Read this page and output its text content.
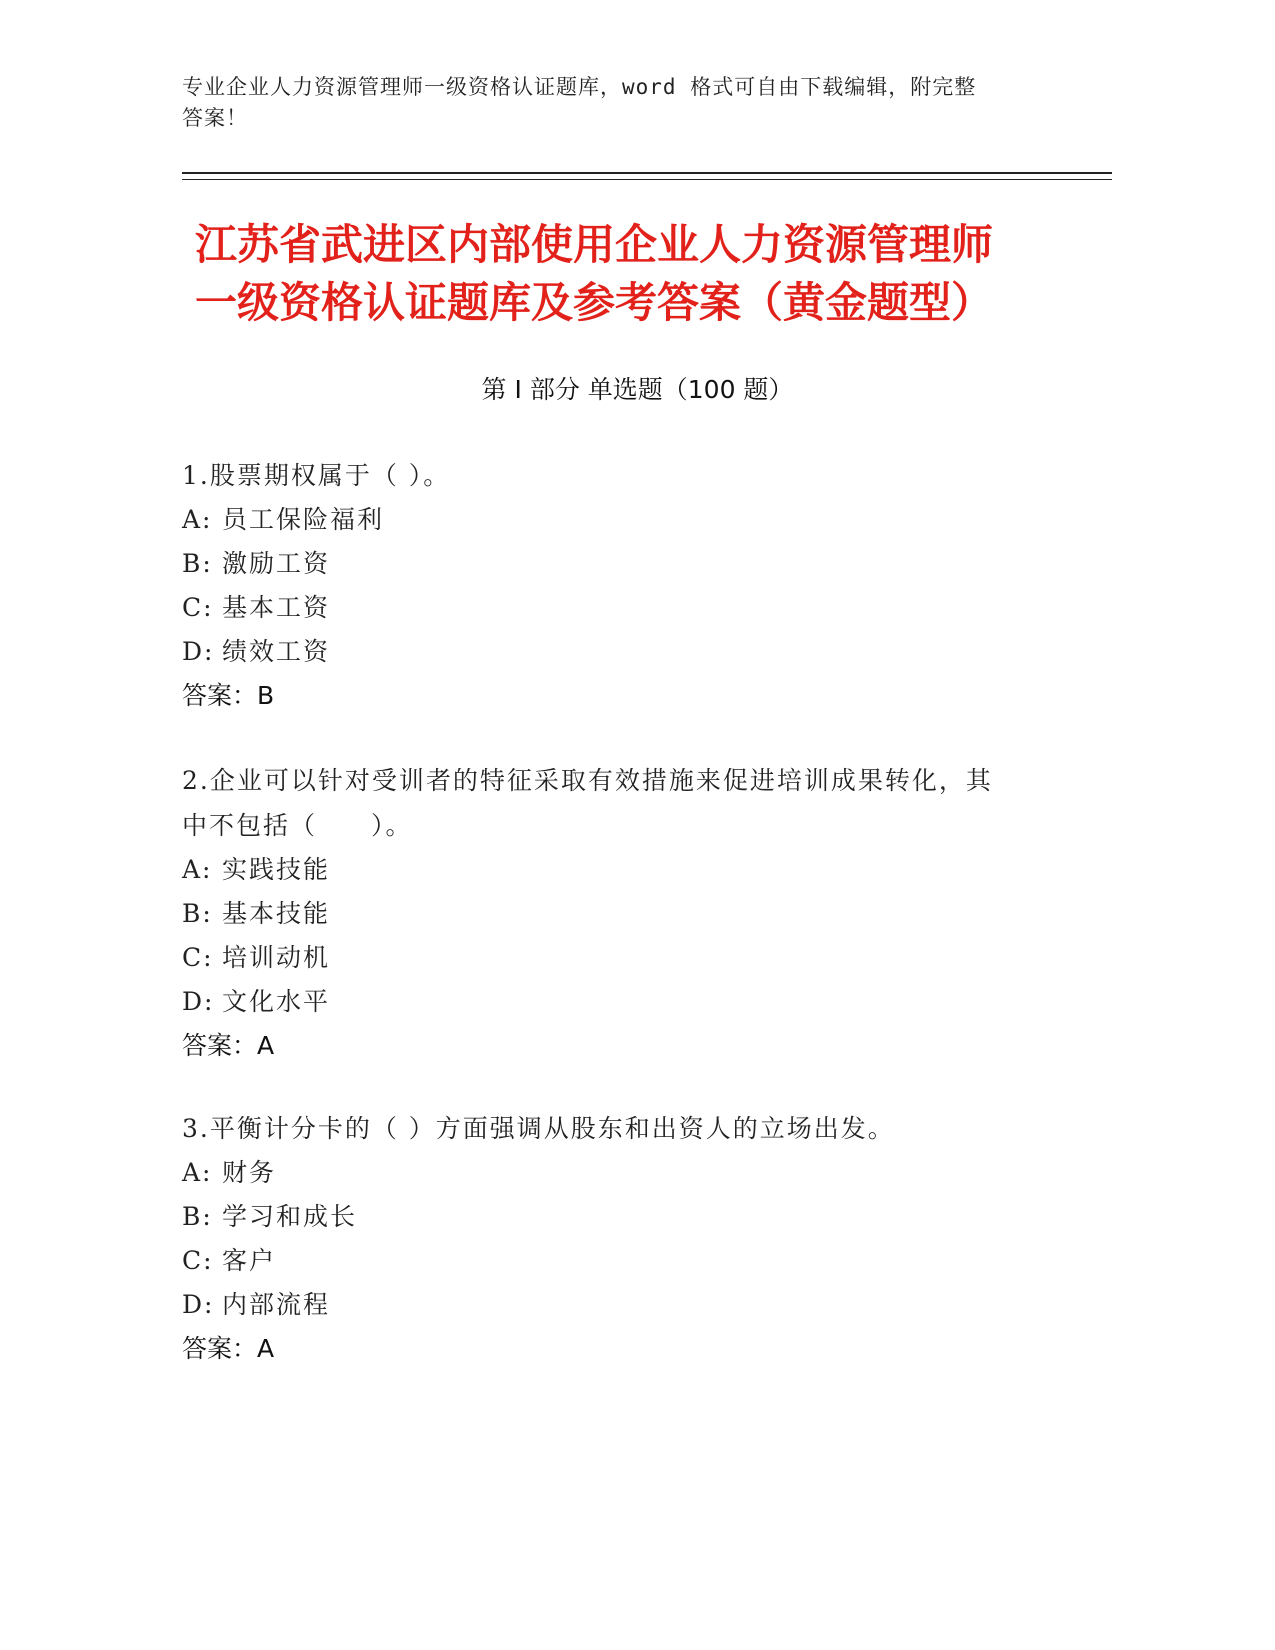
专业企业人力资源管理师一级资格认证题库，word 格式可自由下载编辑，附完整
答案！
江苏省武进区内部使用企业人力资源管理师
一级资格认证题库及参考答案（黄金题型）
第 I 部分 单选题（100 题）
1.股票期权属于（ ）。
A: 员工保险福利
B: 激励工资
C: 基本工资
D: 绩效工资
答案：B
2.企业可以针对受训者的特征采取有效措施来促进培训成果转化，其
中不包括（　　）。
A: 实践技能
B: 基本技能
C: 培训动机
D: 文化水平
答案：A
3.平衡计分卡的（ ）方面强调从股东和出资人的立场出发。
A: 财务
B: 学习和成长
C: 客户
D: 内部流程
答案：A
